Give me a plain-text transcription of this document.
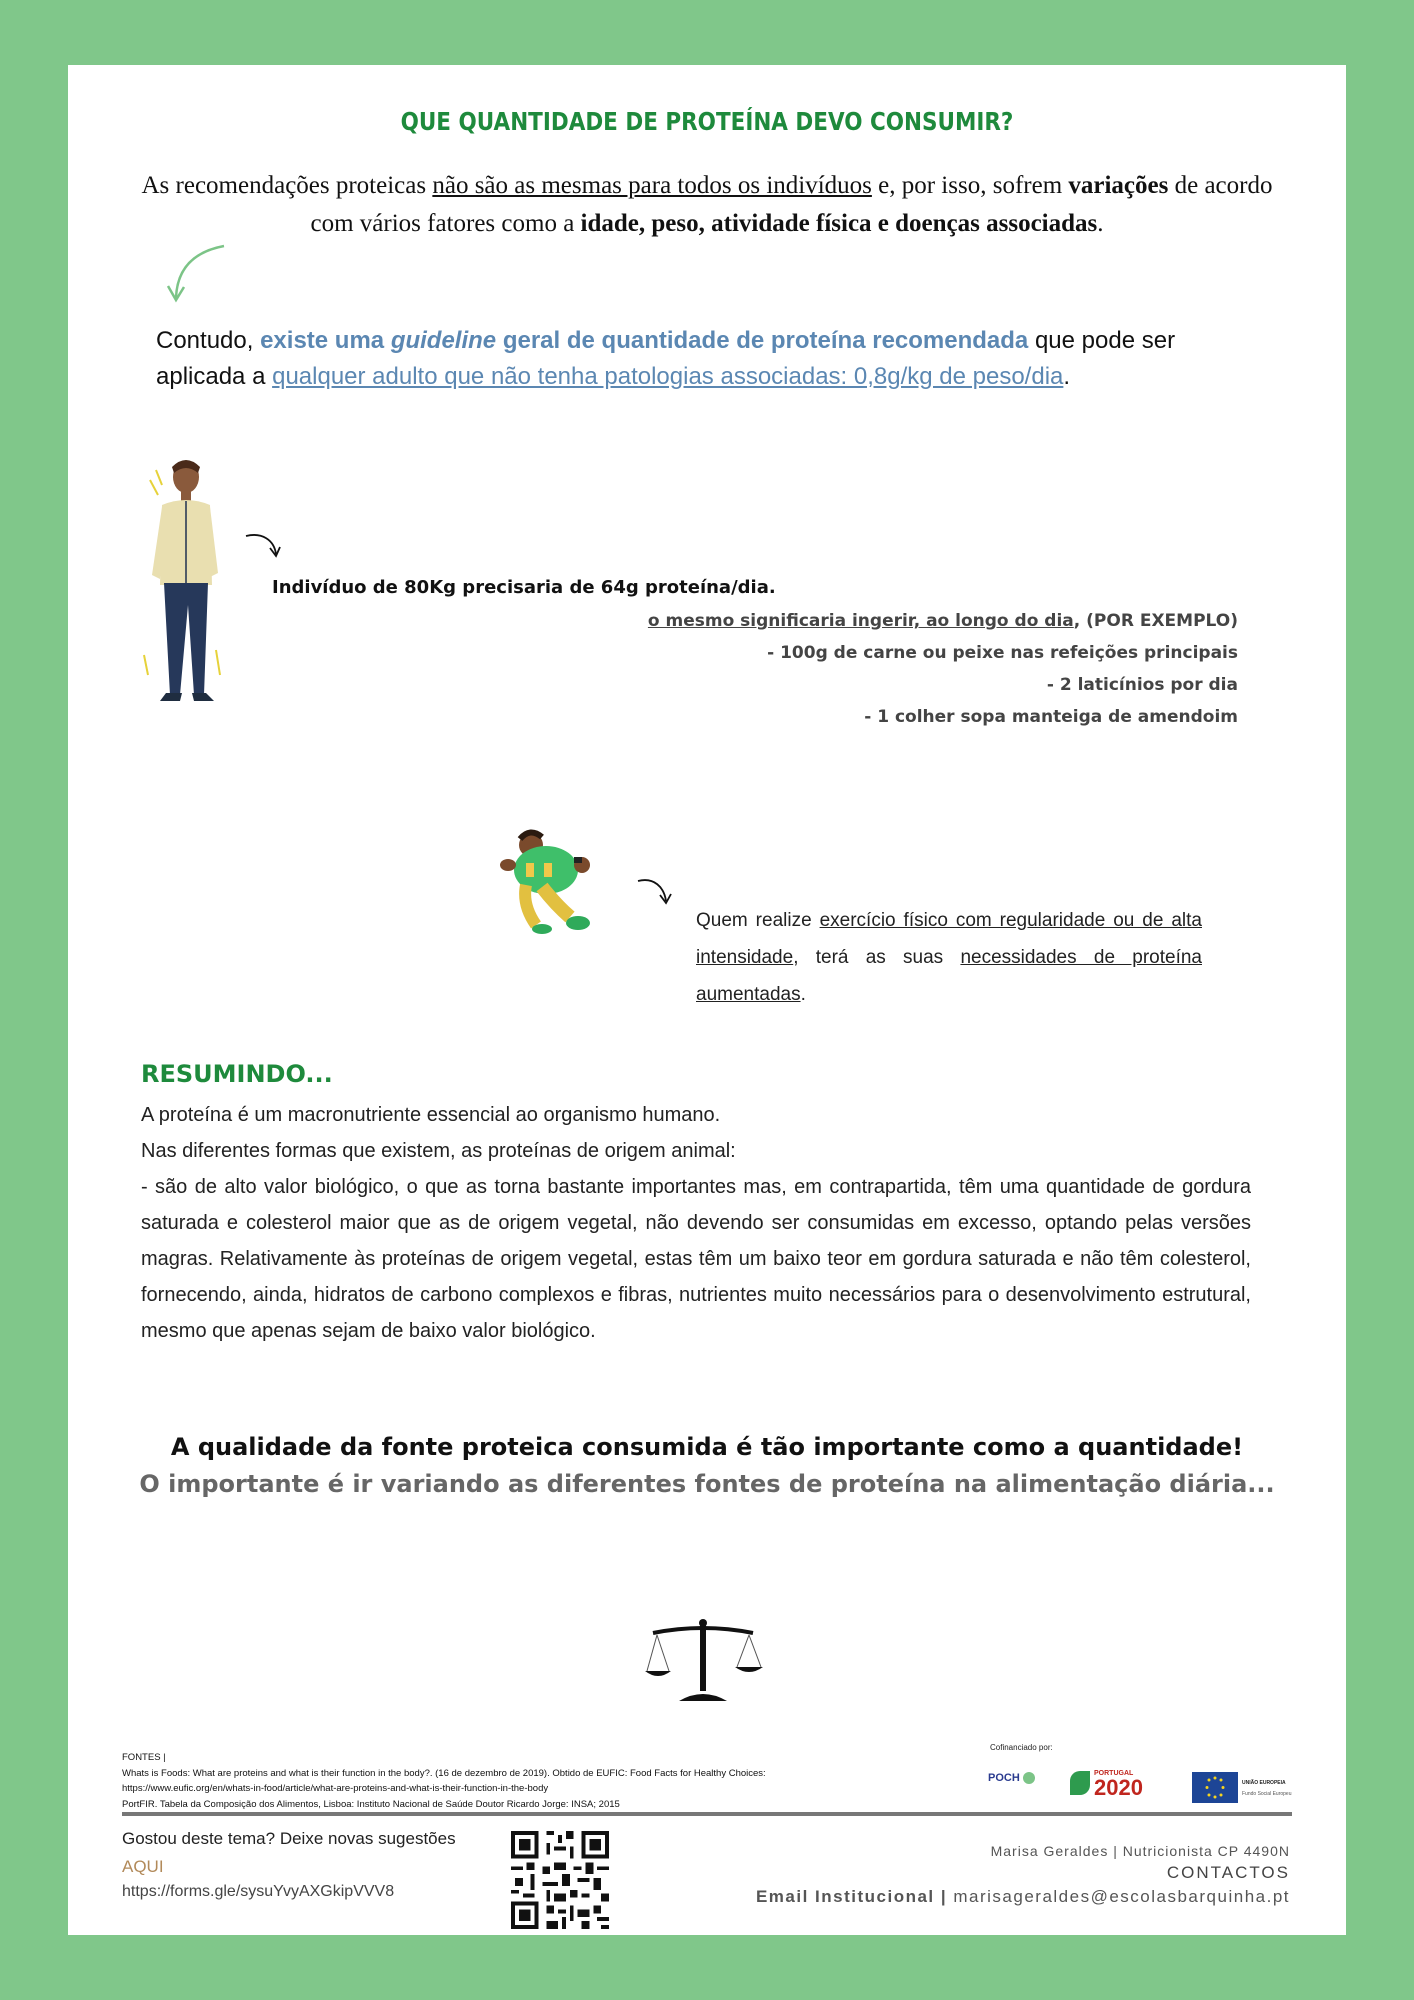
QUE QUANTIDADE DE PROTEÍNA DEVO CONSUMIR?
As recomendações proteicas não são as mesmas para todos os indivíduos e, por isso, sofrem variações de acordo com vários fatores como a idade, peso, atividade física e doenças associadas.
Contudo, existe uma guideline geral de quantidade de proteína recomendada que pode ser aplicada a qualquer adulto que não tenha patologias associadas: 0,8g/kg de peso/dia.
Indivíduo de 80Kg precisaria de 64g proteína/dia.
o mesmo significaria ingerir, ao longo do dia, (POR EXEMPLO)
- 100g de carne ou peixe nas refeições principais
- 2 laticínios por dia
- 1 colher sopa manteiga de amendoim
Quem realize exercício físico com regularidade ou de alta intensidade, terá as suas necessidades de proteína aumentadas.
RESUMINDO...
A proteína é um macronutriente essencial ao organismo humano.
Nas diferentes formas que existem, as proteínas de origem animal:
- são de alto valor biológico, o que as torna bastante importantes mas, em contrapartida, têm uma quantidade de gordura saturada e colesterol maior que as de origem vegetal, não devendo ser consumidas em excesso, optando pelas versões magras. Relativamente às proteínas de origem vegetal, estas têm um baixo teor em gordura saturada e não têm colesterol, fornecendo, ainda, hidratos de carbono complexos e fibras, nutrientes muito necessários para o desenvolvimento estrutural, mesmo que apenas sejam de baixo valor biológico.
A qualidade da fonte proteica consumida é tão importante como a quantidade!
O importante é ir variando as diferentes fontes de proteína na alimentação diária...
FONTES |
Whats is Foods: What are proteins and what is their function in the body?. (16 de dezembro de 2019). Obtido de EUFIC: Food Facts for Healthy Choices:
https://www.eufic.org/en/whats-in-food/article/what-are-proteins-and-what-is-their-function-in-the-body
PortFIR. Tabela da Composição dos Alimentos, Lisboa: Instituto Nacional de Saúde Doutor Ricardo Jorge: INSA; 2015
Cofinanciado por:
POCH	PORTUGAL
2020	UNIÃO EUROPEIA
Fundo Social Europeu
Gostou deste tema? Deixe novas sugestões
AQUI
https://forms.gle/sysuYvyAXGkipVVV8
Marisa Geraldes | Nutricionista CP 4490N
CONTACTOS
Email Institucional | marisageraldes@escolasbarquinha.pt
